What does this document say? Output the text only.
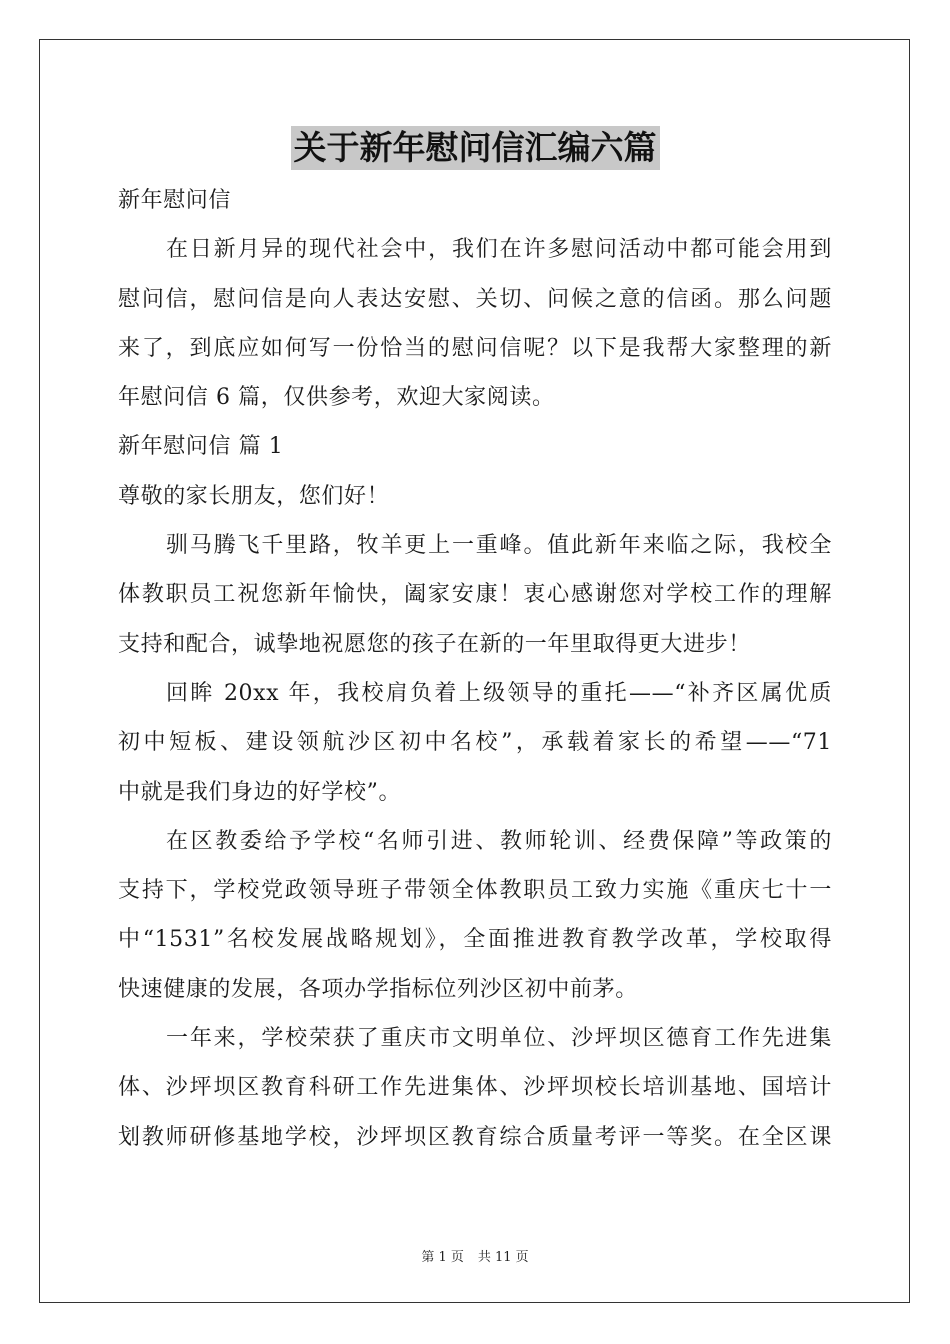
关于新年慰问信汇编六篇
新年慰问信
在日新月异的现代社会中，我们在许多慰问活动中都可能会用到
慰问信，慰问信是向人表达安慰、关切、问候之意的信函。那么问题
来了，到底应如何写一份恰当的慰问信呢？以下是我帮大家整理的新
年慰问信 6 篇，仅供参考，欢迎大家阅读。
新年慰问信 篇 1
尊敬的家长朋友，您们好！
驯马腾飞千里路，牧羊更上一重峰。值此新年来临之际，我校全
体教职员工祝您新年愉快，阖家安康！衷心感谢您对学校工作的理解
支持和配合，诚挚地祝愿您的孩子在新的一年里取得更大进步！
回眸 20xx 年，我校肩负着上级领导的重托——“补齐区属优质
初中短板、建设领航沙区初中名校”，承载着家长的希望——“71
中就是我们身边的好学校”。
在区教委给予学校“名师引进、教师轮训、经费保障”等政策的
支持下，学校党政领导班子带领全体教职员工致力实施《重庆七十一
中“1531”名校发展战略规划》，全面推进教育教学改革，学校取得
快速健康的发展，各项办学指标位列沙区初中前茅。
一年来，学校荣获了重庆市文明单位、沙坪坝区德育工作先进集
体、沙坪坝区教育科研工作先进集体、沙坪坝校长培训基地、国培计
划教师研修基地学校，沙坪坝区教育综合质量考评一等奖。在全区课
第 1 页 共 11 页
